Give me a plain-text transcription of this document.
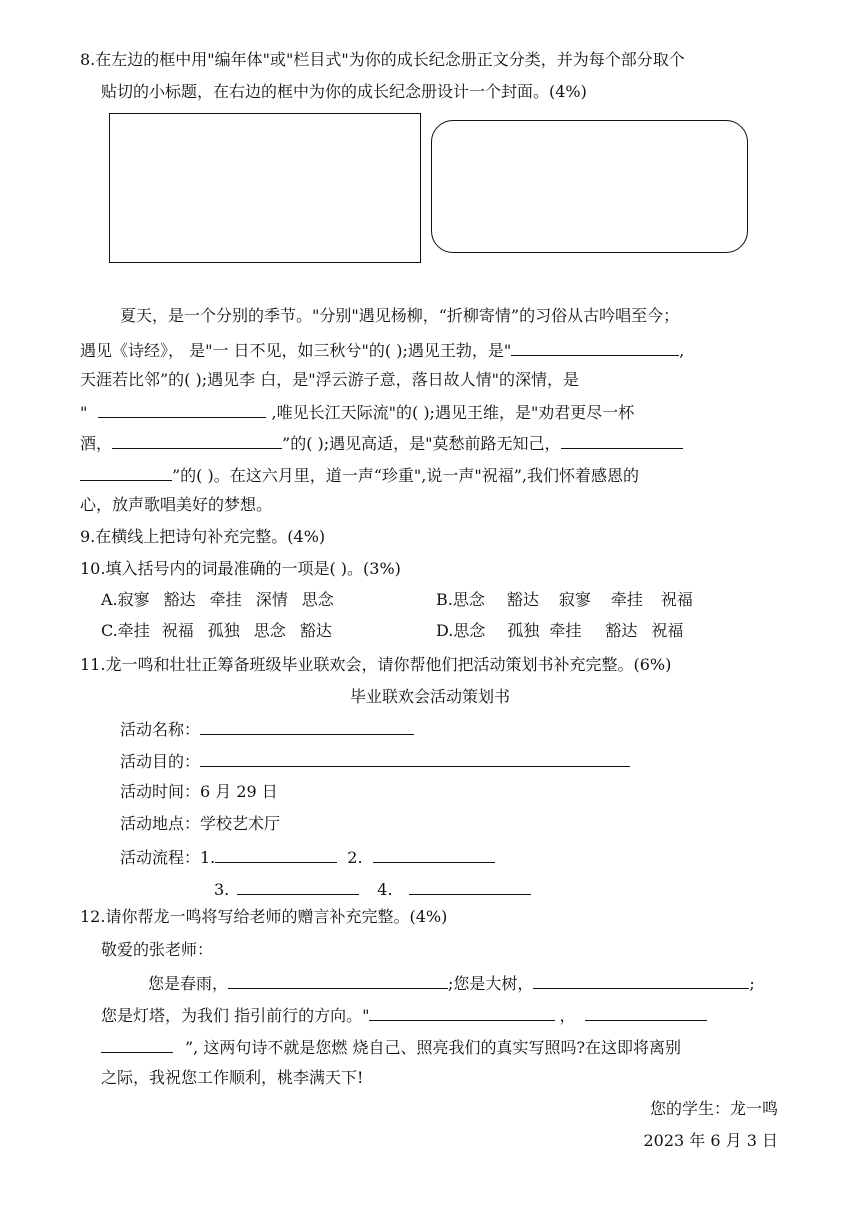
8.在左边的框中用"编年体"或"栏目式"为你的成长纪念册正文分类，并为每个部分取个
贴切的小标题，在右边的框中为你的成长纪念册设计一个封面。(4%)
夏天，是一个分别的季节。"分别"遇见杨柳，“折柳寄情”的习俗从古吟唱至今；
遇见《诗经》， 是"一 日不见，如三秋兮"的( );遇见王勃，是"	,
天涯若比邻”的( );遇见李 白，是"浮云游子意，落日故人情"的深情，是
"	,唯见长江天际流"的( );遇见王维，是"劝君更尽一杯
酒，	”的( );遇见高适，是"莫愁前路无知己，
”的( )。在这六月里，道一声“珍重",说一声"祝福”,我们怀着感恩的
心，放声歌唱美好的梦想。
9.在横线上把诗句补充完整。(4%)
10.填入括号内的词最准确的一项是( )。(3%)
A.寂寥 豁达 牵挂 深情 思念	B.思念 豁达 寂寥 牵挂 祝福
C.牵挂 祝福 孤独 思念 豁达	D.思念 孤独 牵挂 豁达 祝福
11.龙一鸣和壮壮正筹备班级毕业联欢会，请你帮他们把活动策划书补充完整。(6%)
毕业联欢会活动策划书
活动名称：
活动目的：
活动时间：6 月 29 日
活动地点：学校艺术厅
活动流程：1.	2.
3.	4.
12.请你帮龙一鸣将写给老师的赠言补充完整。(4%)
敬爱的张老师：
您是春雨，	;您是大树，	;
您是灯塔，为我们 指引前行的方向。"	，
”, 这两句诗不就是您燃 烧自己、照亮我们的真实写照吗?在这即将离别
之际，我祝您工作顺利，桃李满天下!
您的学生：龙一鸣
2023 年 6 月 3 日
